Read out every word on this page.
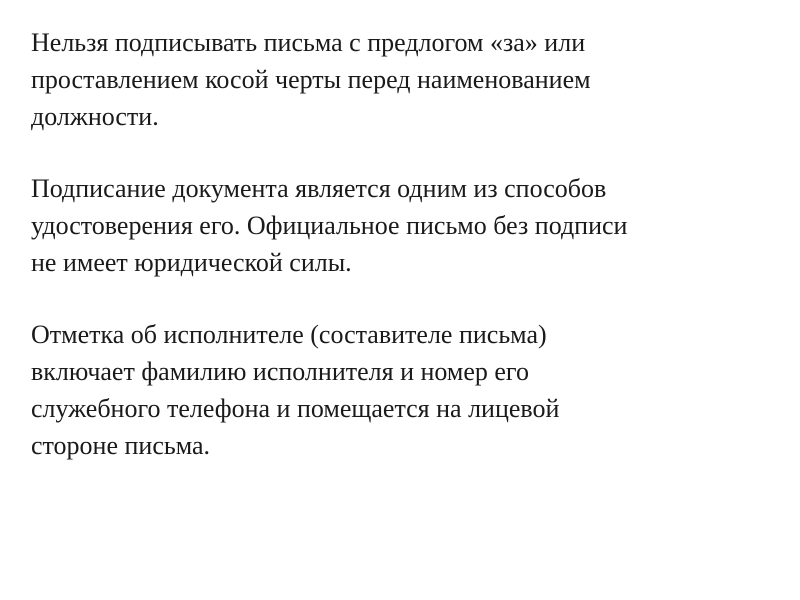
Нельзя подписывать письма с предлогом «за» или
проставлением косой черты перед наименованием
должности.

Подписание документа является одним из способов
удостоверения его. Официальное письмо без подписи
не имеет юридической силы.

Отметка об исполнителе (составителе письма)
включает фамилию исполнителя и номер его
служебного телефона и помещается на лицевой
стороне письма.
